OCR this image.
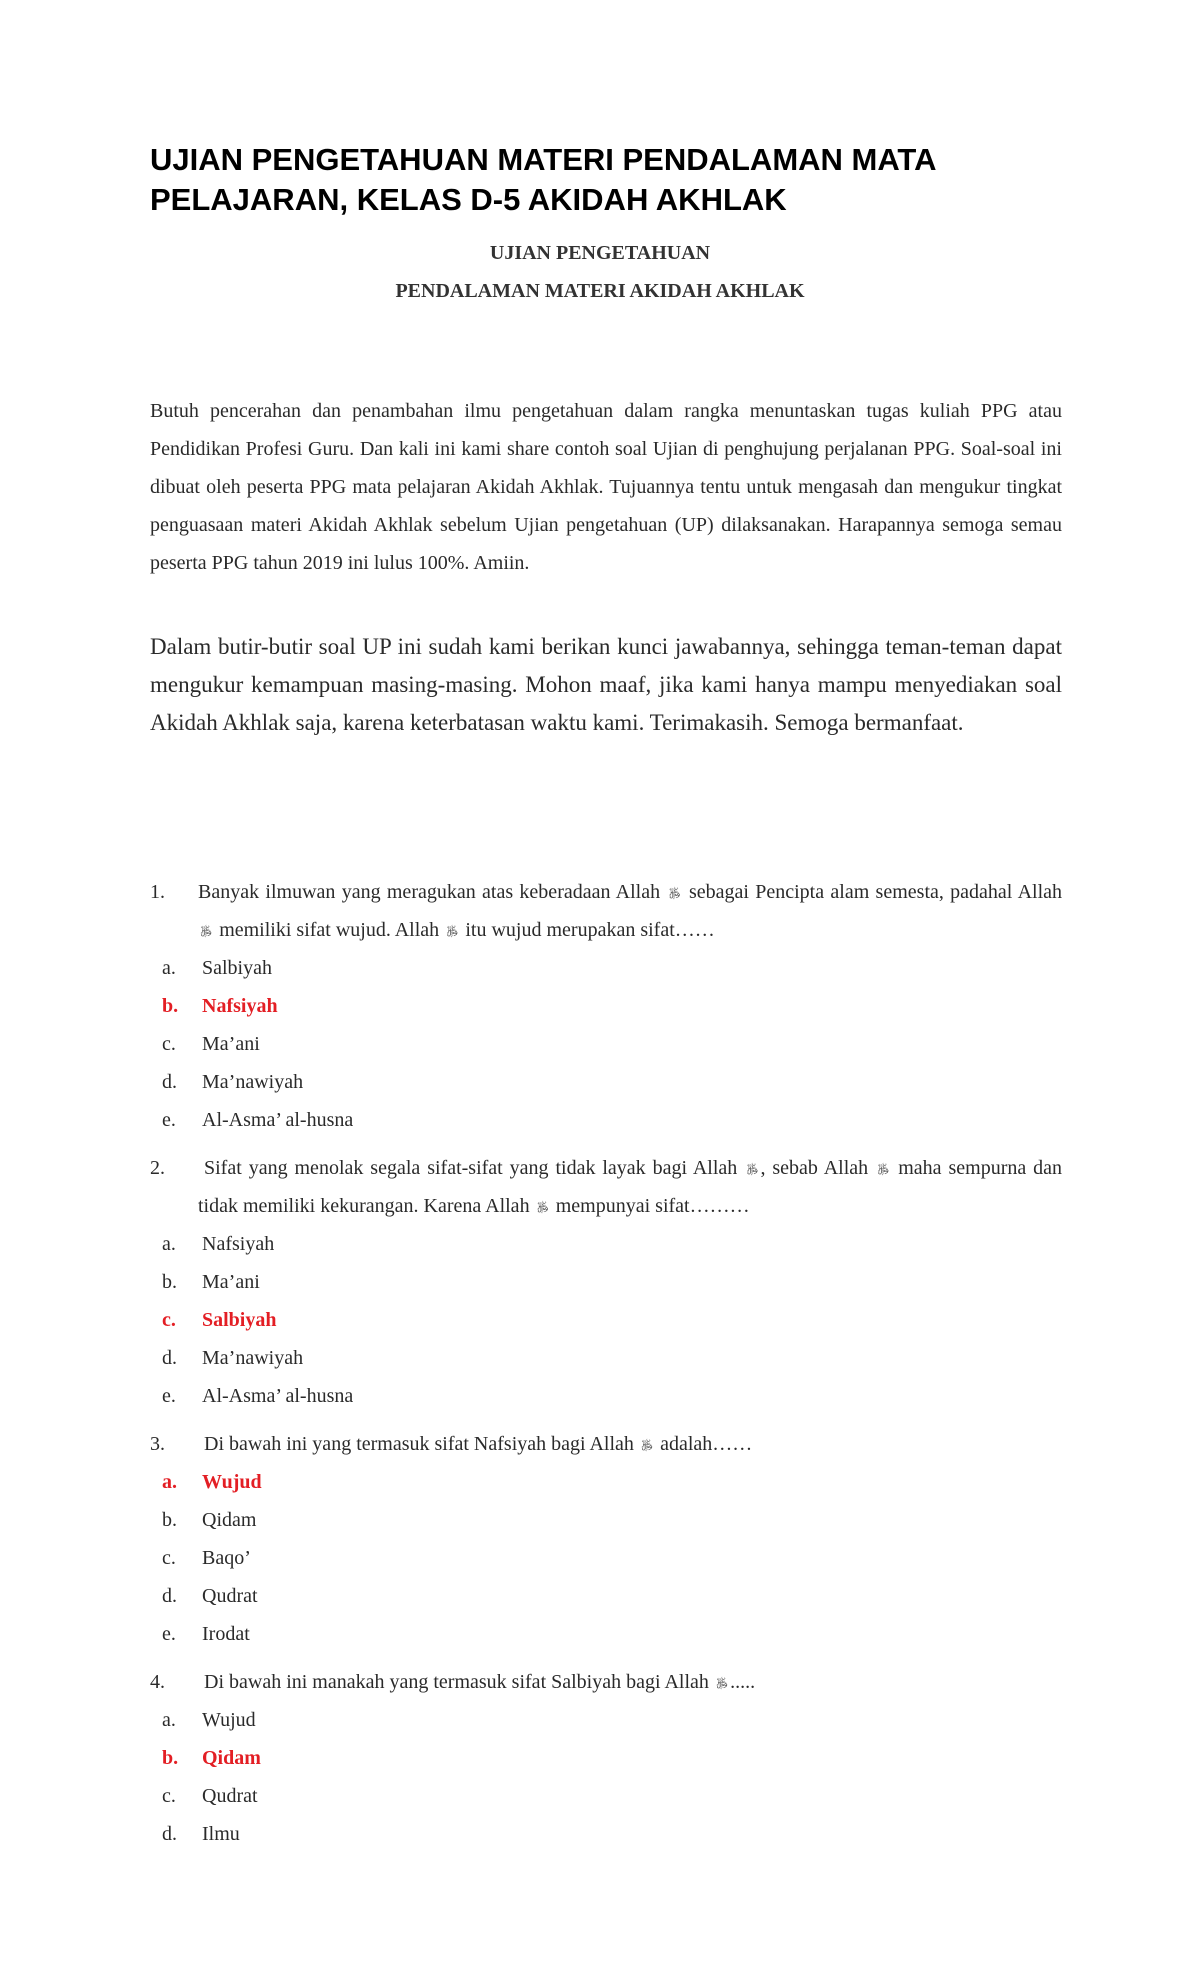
UJIAN PENGETAHUAN MATERI PENDALAMAN MATA PELAJARAN, KELAS D-5 AKIDAH AKHLAK

UJIAN PENGETAHUAN

PENDALAMAN MATERI AKIDAH AKHLAK

Butuh pencerahan dan penambahan ilmu pengetahuan dalam rangka menuntaskan tugas kuliah PPG atau Pendidikan Profesi Guru. Dan kali ini kami share contoh soal Ujian di penghujung perjalanan PPG. Soal-soal ini dibuat oleh peserta PPG mata pelajaran Akidah Akhlak. Tujuannya tentu untuk mengasah dan mengukur tingkat penguasaan materi Akidah Akhlak sebelum Ujian pengetahuan (UP) dilaksanakan. Harapannya semoga semau peserta PPG tahun 2019 ini lulus 100%. Amiin.

Dalam butir-butir soal UP ini sudah kami berikan kunci jawabannya, sehingga teman-teman dapat mengukur kemampuan masing-masing. Mohon maaf, jika kami hanya mampu menyediakan soal Akidah Akhlak saja, karena keterbatasan waktu kami. Terimakasih. Semoga bermanfaat.

1. Banyak ilmuwan yang meragukan atas keberadaan Allah ﷿ sebagai Pencipta alam semesta, padahal Allah ﷿ memiliki sifat wujud. Allah ﷿ itu wujud merupakan sifat……
a. Salbiyah
b. Nafsiyah
c. Ma’ani
d. Ma’nawiyah
e. Al-Asma’ al-husna
2.	Sifat yang menolak segala sifat-sifat yang tidak layak bagi Allah ﷿ , sebab Allah ﷿ maha sempurna dan tidak memiliki kekurangan. Karena Allah ﷿ mempunyai sifat………
a. Nafsiyah
b. Ma’ani
c. Salbiyah
d. Ma’nawiyah
e. Al-Asma’ al-husna
3. Di bawah ini yang termasuk sifat Nafsiyah bagi Allah ﷿ adalah……
a. Wujud
b. Qidam
c. Baqo’
d. Qudrat
e. Irodat
4. Di bawah ini manakah yang termasuk sifat Salbiyah bagi Allah ﷿ .....
a. Wujud
b. Qidam
c. Qudrat
d. Ilmu
